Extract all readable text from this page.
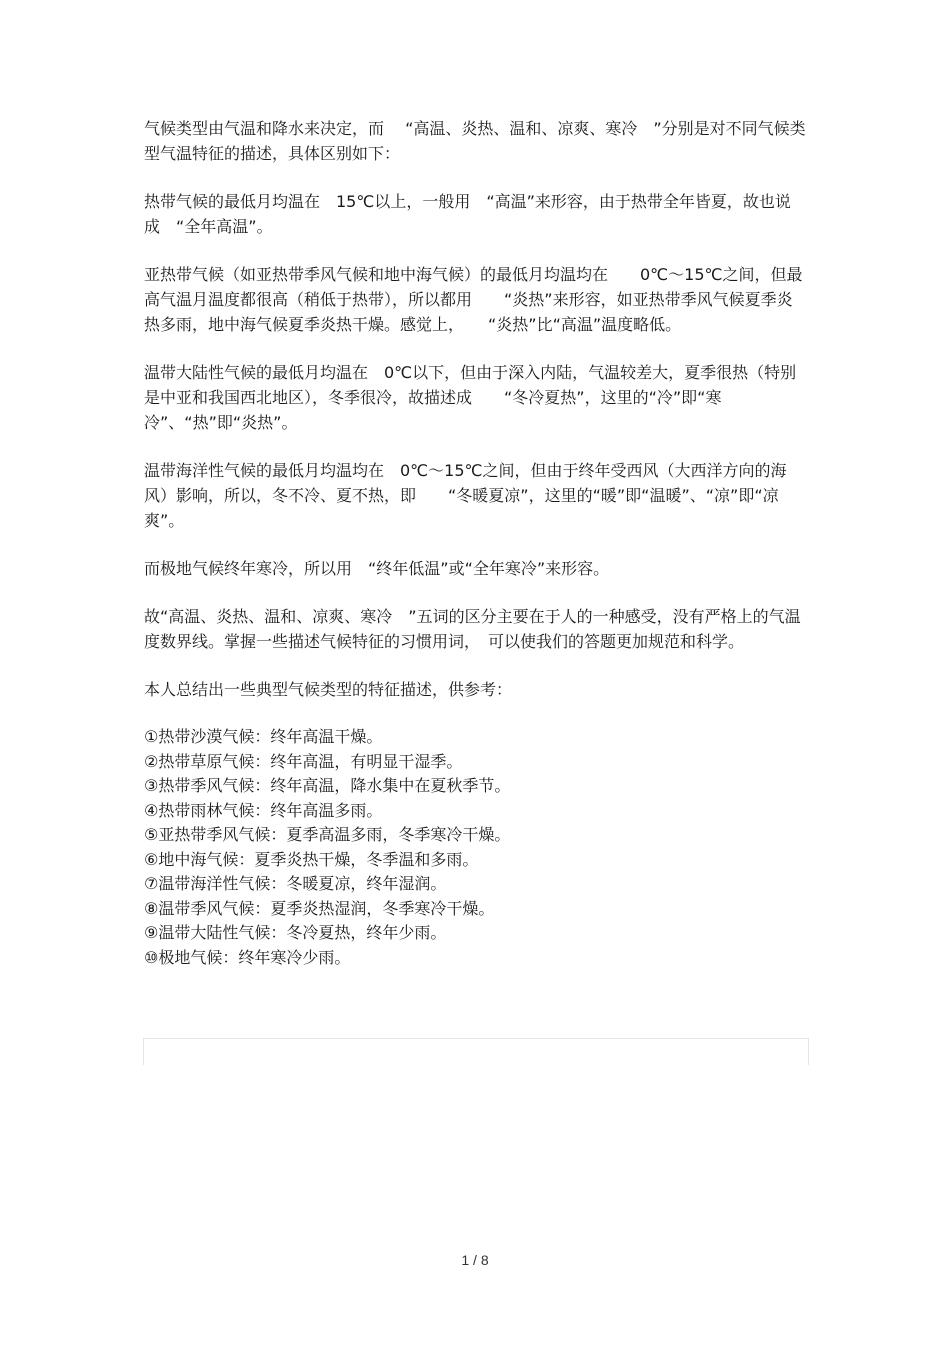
气候类型由气温和降水来决定，而　 “高温、炎热、温和、凉爽、寒冷　”分别是对不同气候类型气温特征的描述，具体区别如下：

热带气候的最低月均温在　15℃以上，一般用　“高温”来形容，由于热带全年皆夏，故也说成　“全年高温”。

亚热带气候（如亚热带季风气候和地中海气候）的最低月均温均在　　0℃～15℃之间，但最高气温月温度都很高（稍低于热带），所以都用　　“炎热”来形容，如亚热带季风气候夏季炎热多雨，地中海气候夏季炎热干燥。感觉上，　　“炎热”比“高温”温度略低。

温带大陆性气候的最低月均温在　0℃以下，但由于深入内陆，气温较差大，夏季很热（特别是中亚和我国西北地区），冬季很冷，故描述成　　“冬冷夏热”，这里的“冷”即“寒冷”、“热”即“炎热”。

温带海洋性气候的最低月均温均在　0℃～15℃之间，但由于终年受西风（大西洋方向的海风）影响，所以，冬不冷、夏不热，即　　“冬暖夏凉”，这里的“暖”即“温暖”、“凉”即“凉爽”。

而极地气候终年寒冷，所以用　“终年低温”或“全年寒冷”来形容。

故“高温、炎热、温和、凉爽、寒冷　”五词的区分主要在于人的一种感受，没有严格上的气温度数界线。掌握一些描述气候特征的习惯用词，　可以使我们的答题更加规范和科学。

本人总结出一些典型气候类型的特征描述，供参考：

①热带沙漠气候：终年高温干燥。
②热带草原气候：终年高温，有明显干湿季。
③热带季风气候：终年高温，降水集中在夏秋季节。
④热带雨林气候：终年高温多雨。
⑤亚热带季风气候：夏季高温多雨，冬季寒冷干燥。
⑥地中海气候：夏季炎热干燥，冬季温和多雨。
⑦温带海洋性气候：冬暖夏凉，终年湿润。
⑧温带季风气候：夏季炎热湿润，冬季寒冷干燥。
⑨温带大陆性气候：冬冷夏热，终年少雨。
⑩极地气候：终年寒冷少雨。
1 / 8
